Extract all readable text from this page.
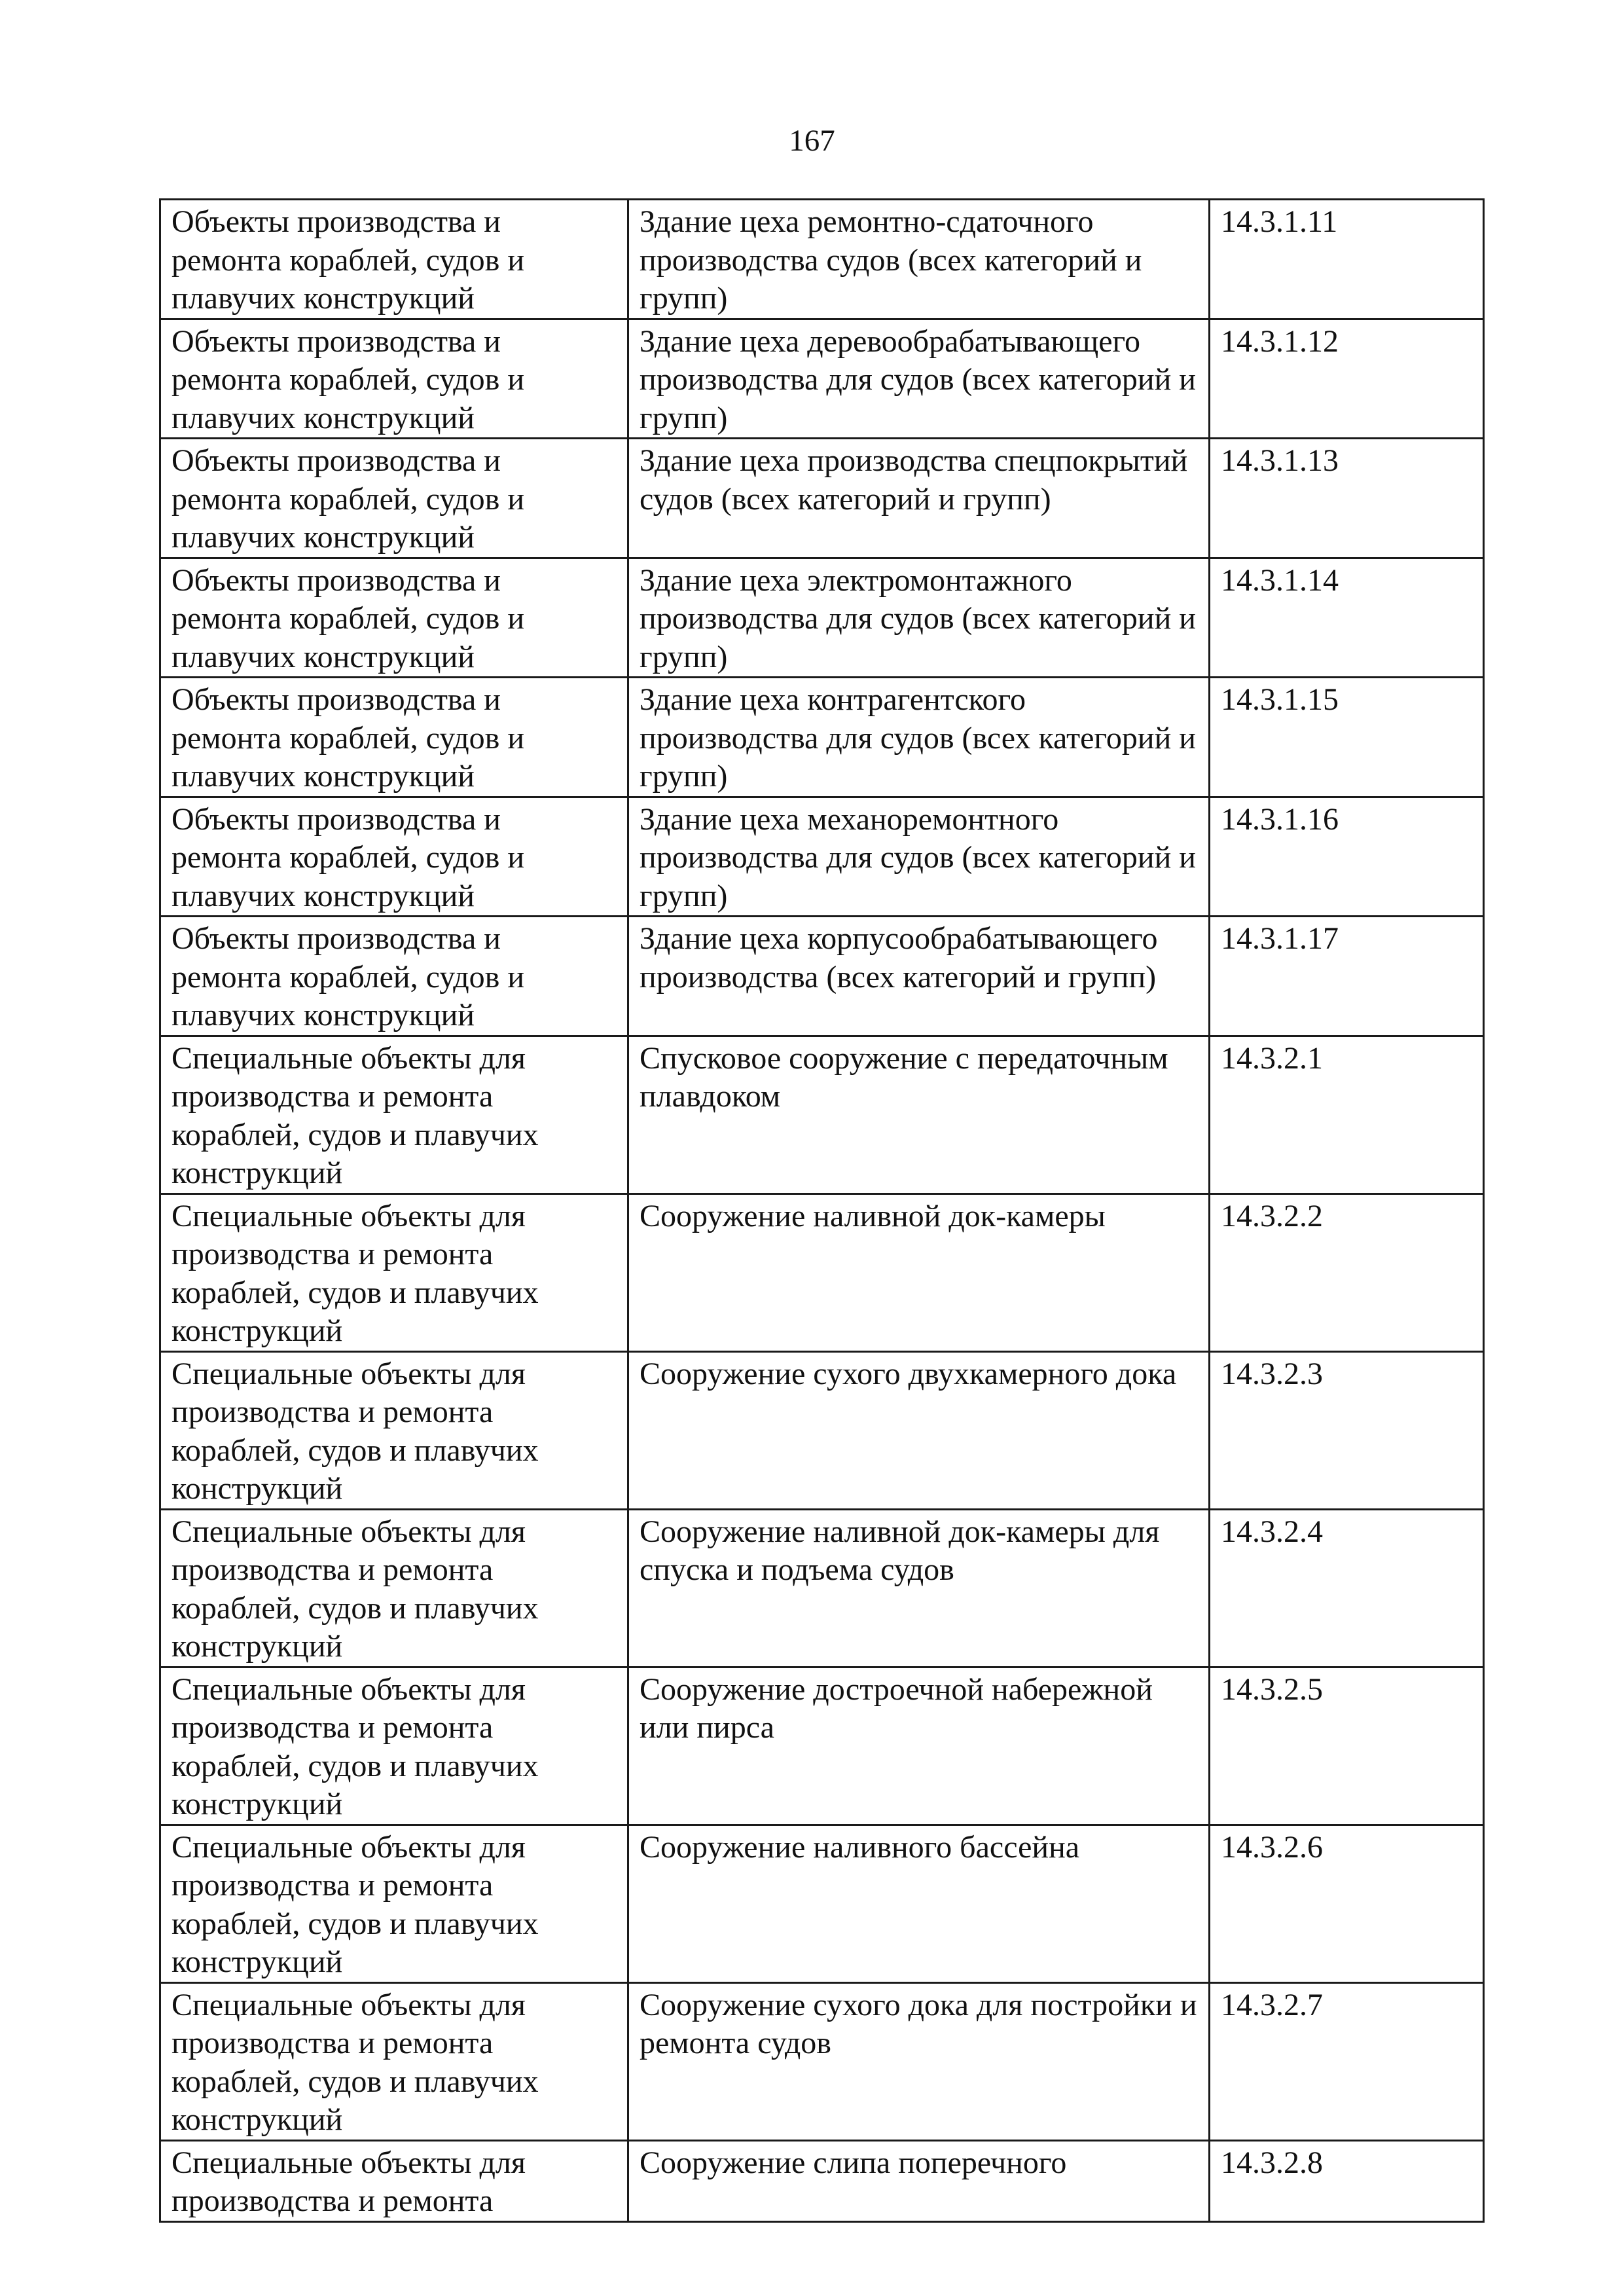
167
Объекты производства и ремонта кораблей, судов и плавучих конструкций	Здание цеха ремонтно-сдаточного производства судов (всех категорий и групп)	14.3.1.11
Объекты производства и ремонта кораблей, судов и плавучих конструкций	Здание цеха деревообрабатывающего производства для судов (всех категорий и групп)	14.3.1.12
Объекты производства и ремонта кораблей, судов и плавучих конструкций	Здание цеха производства спецпокрытий судов (всех категорий и групп)	14.3.1.13
Объекты производства и ремонта кораблей, судов и плавучих конструкций	Здание цеха электромонтажного производства для судов (всех категорий и групп)	14.3.1.14
Объекты производства и ремонта кораблей, судов и плавучих конструкций	Здание цеха контрагентского производства для судов (всех категорий и групп)	14.3.1.15
Объекты производства и ремонта кораблей, судов и плавучих конструкций	Здание цеха механоремонтного производства для судов (всех категорий и групп)	14.3.1.16
Объекты производства и ремонта кораблей, судов и плавучих конструкций	Здание цеха корпусообрабатывающего производства (всех категорий и групп)	14.3.1.17
Специальные объекты для производства и ремонта кораблей, судов и плавучих конструкций	Спусковое сооружение с передаточным плавдоком	14.3.2.1
Специальные объекты для производства и ремонта кораблей, судов и плавучих конструкций	Сооружение наливной док-камеры	14.3.2.2
Специальные объекты для производства и ремонта кораблей, судов и плавучих конструкций	Сооружение сухого двухкамерного дока	14.3.2.3
Специальные объекты для производства и ремонта кораблей, судов и плавучих конструкций	Сооружение наливной док-камеры для спуска и подъема судов	14.3.2.4
Специальные объекты для производства и ремонта кораблей, судов и плавучих конструкций	Сооружение достроечной набережной или пирса	14.3.2.5
Специальные объекты для производства и ремонта кораблей, судов и плавучих конструкций	Сооружение наливного бассейна	14.3.2.6
Специальные объекты для производства и ремонта кораблей, судов и плавучих конструкций	Сооружение сухого дока для постройки и ремонта судов	14.3.2.7
Специальные объекты для производства и ремонта	Сооружение слипа поперечного	14.3.2.8
